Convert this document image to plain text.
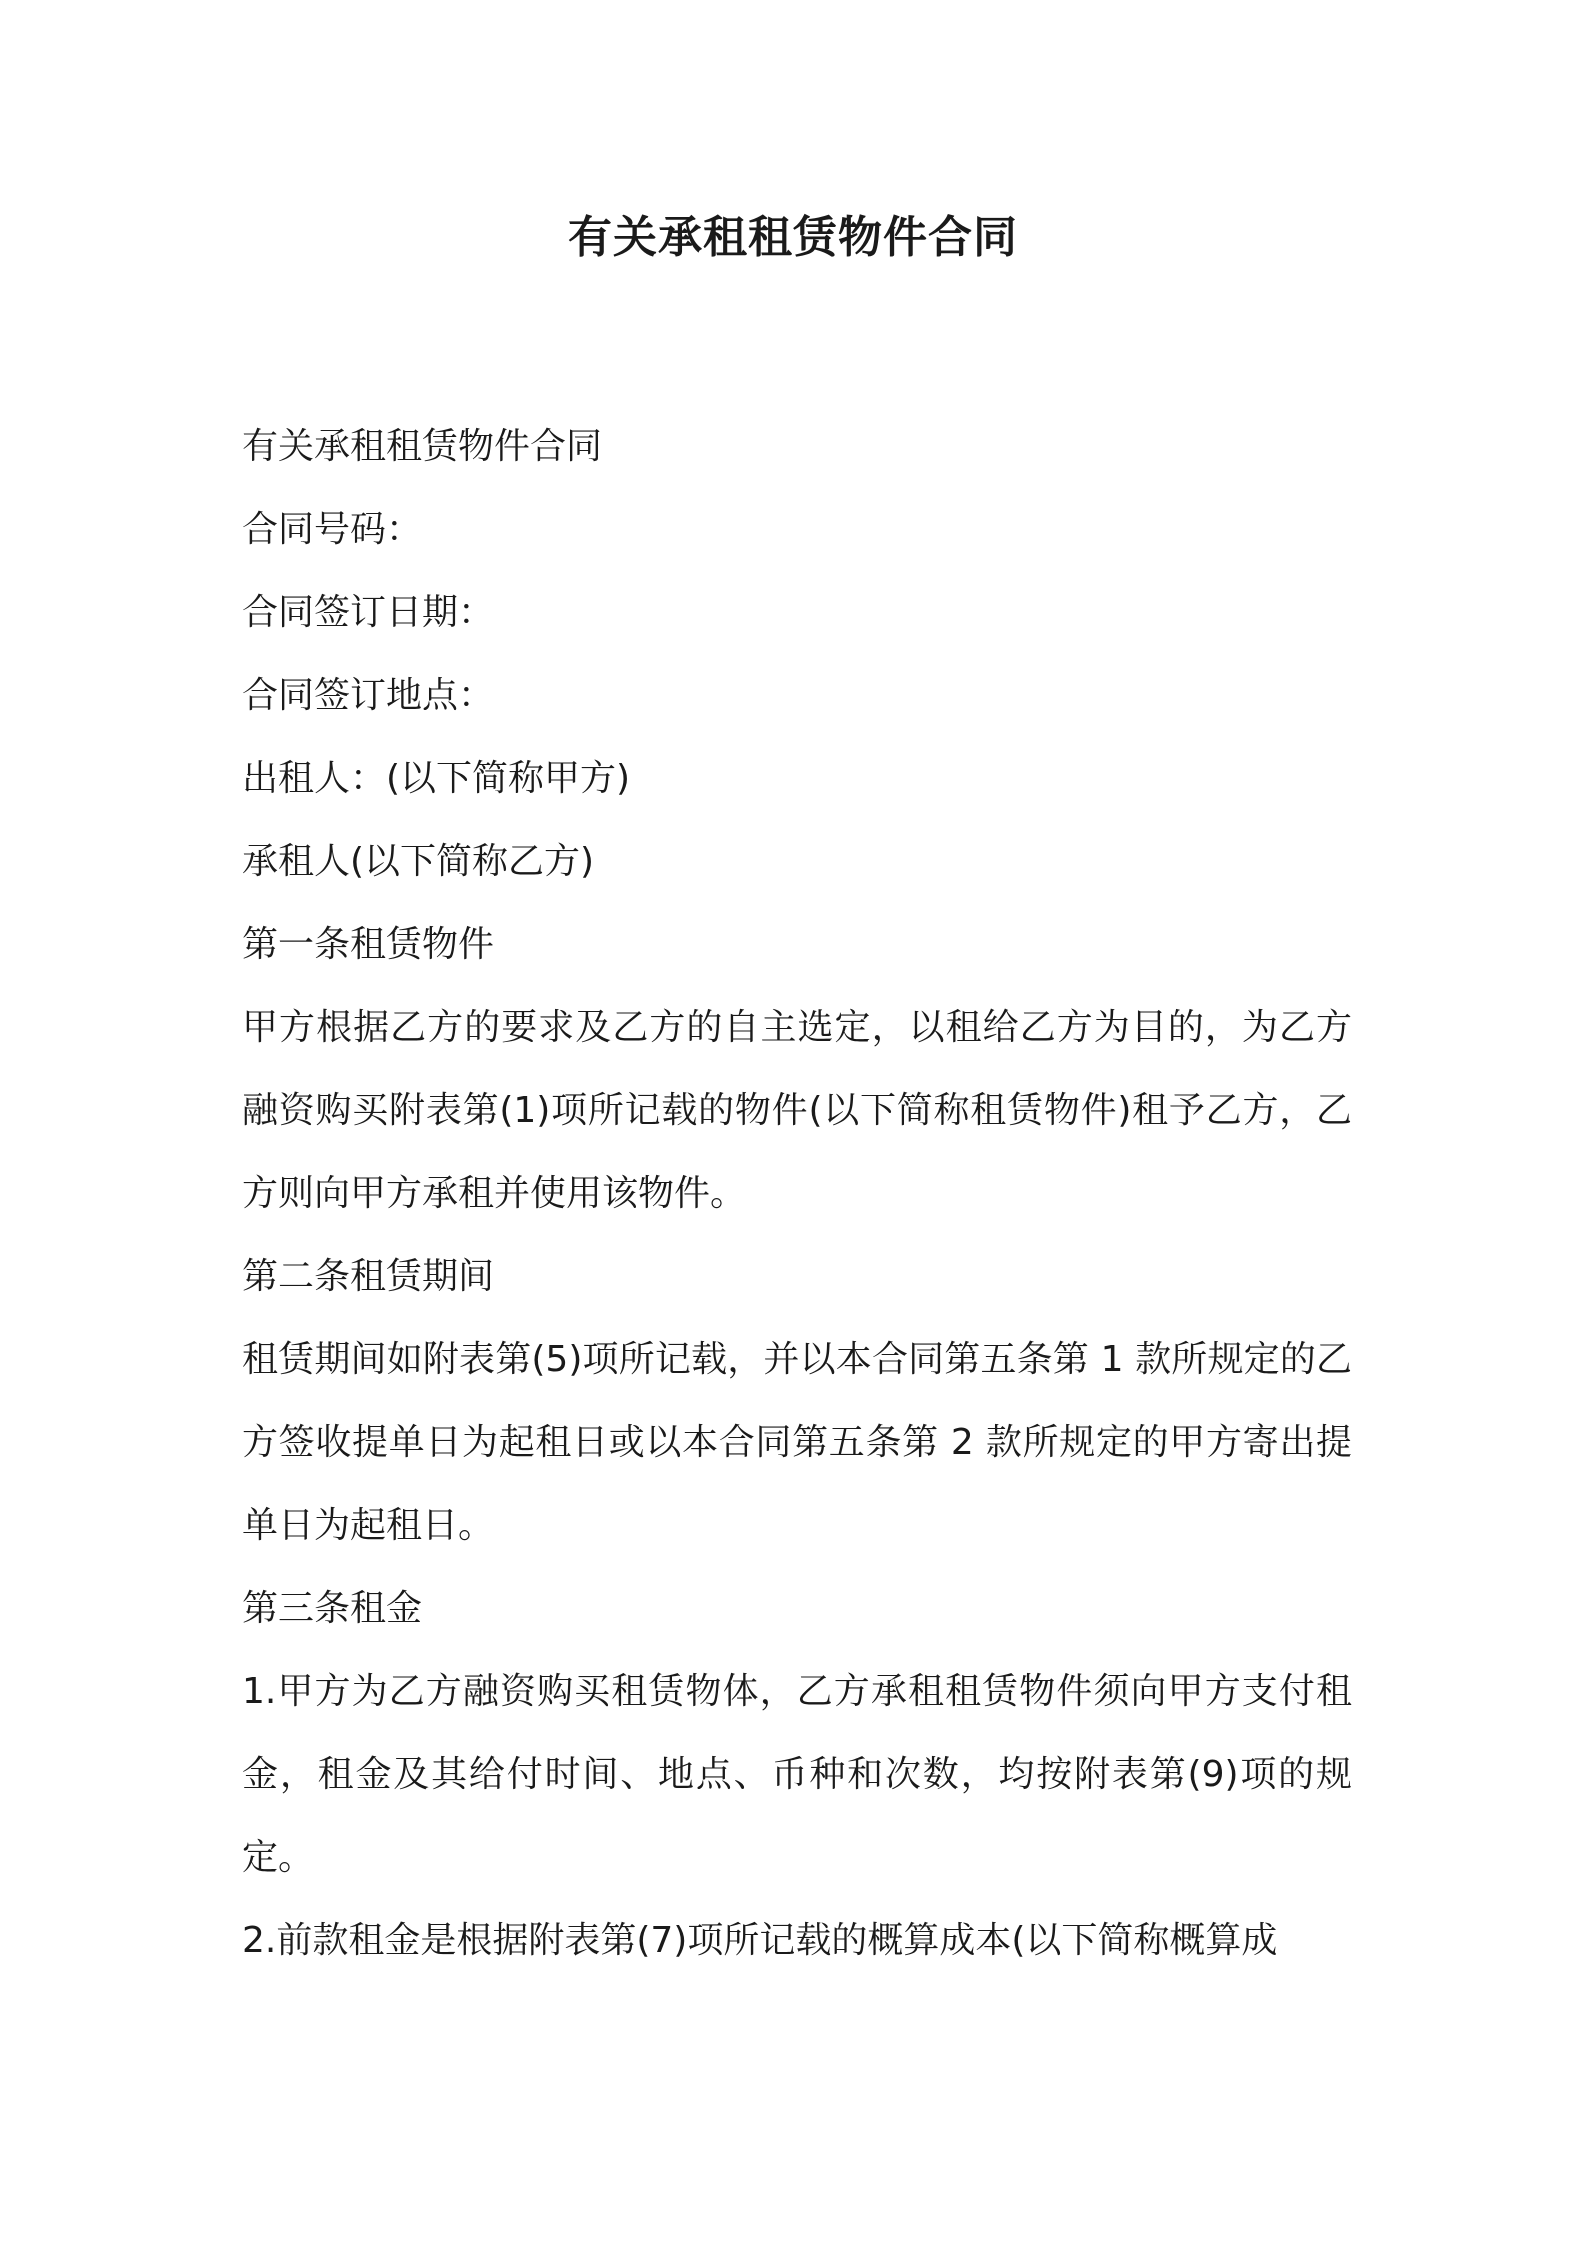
有关承租租赁物件合同

有关承租租赁物件合同

合同号码：

合同签订日期：

合同签订地点：

出租人：(以下简称甲方)

承租人(以下简称乙方)

第一条租赁物件

甲方根据乙方的要求及乙方的自主选定，以租给乙方为目的，为乙方融资购买附表第(1)项所记载的物件(以下简称租赁物件)租予乙方，乙方则向甲方承租并使用该物件。

第二条租赁期间

租赁期间如附表第(5)项所记载，并以本合同第五条第 1 款所规定的乙方签收提单日为起租日或以本合同第五条第 2 款所规定的甲方寄出提单日为起租日。

第三条租金

1.甲方为乙方融资购买租赁物体，乙方承租租赁物件须向甲方支付租金，租金及其给付时间、地点、币种和次数，均按附表第(9)项的规定。

2.前款租金是根据附表第(7)项所记载的概算成本(以下简称概算成
